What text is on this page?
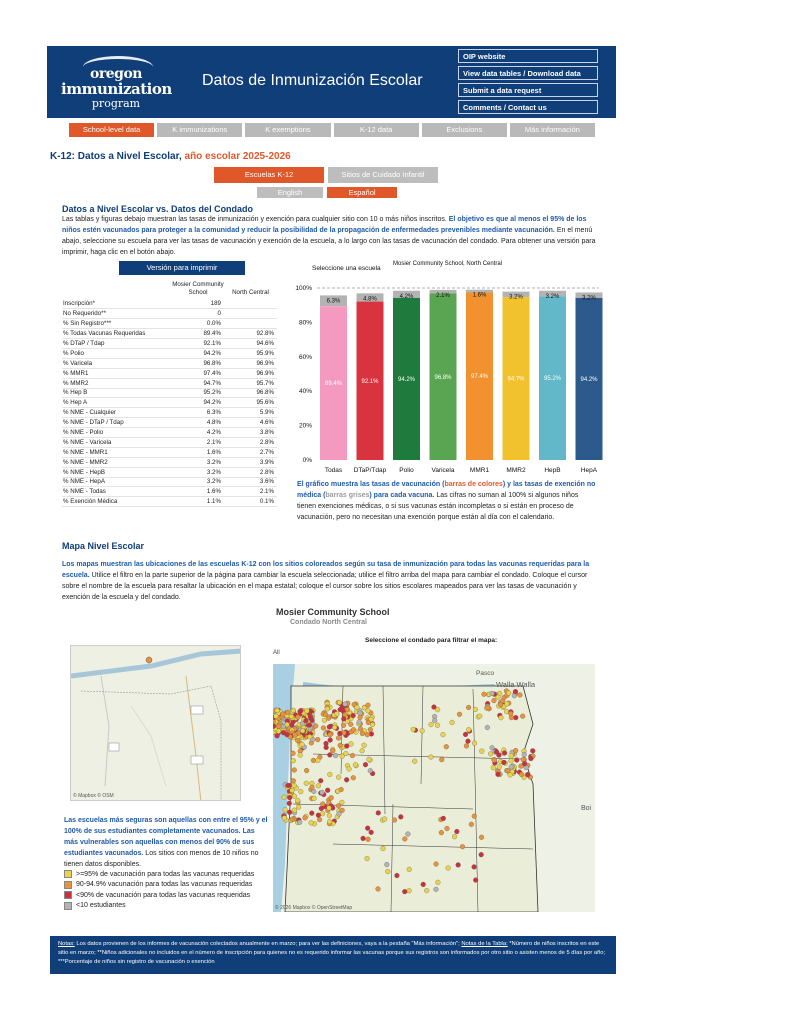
oregon
immunization
program
Datos de Inmunización Escolar
OIP website
View data tables / Download data
Submit a data request
Comments / Contact us
School-level data	K immunizations	K exemptions	K-12 data	Exclusions	Más información
K-12: Datos a Nivel Escolar, año escolar 2025-2026
Escuelas K-12	Sitios de Cuidado Infantil
English	Español
Datos a Nivel Escolar vs. Datos del Condado
Las tablas y figuras debajo muestran las tasas de inmunización y exención para cualquier sitio con 10 o más niños inscritos. El objetivo es que al menos el 95% de los niños estén vacunados para proteger a la comunidad y reducir la posibilidad de la propagación de enfermedades prevenibles mediante vacunación. En el menú abajo, seleccione su escuela para ver las tasas de vacunación y exención de la escuela, a lo largo con las tasas de vacunación del condado. Para obtener una versión para imprimir, haga clic en el botón abajo.
Versión para imprimir
	Mosier Community School	North Central
Inscripción*	189	
No Requerido**	0	
% Sin Registro***	0.0%	
% Todas Vacunas Requeridas	89.4%	92.8%
% DTaP / Tdap	92.1%	94.6%
% Polio	94.2%	95.9%
% Varicela	96.8%	96.9%
% MMR1	97.4%	96.9%
% MMR2	94.7%	95.7%
% Hep B	95.2%	96.8%
% Hep A	94.2%	95.6%
% NME - Cualquier	6.3%	5.9%
% NME - DTaP / Tdap	4.8%	4.6%
% NME - Polio	4.2%	3.8%
% NME - Varicela	2.1%	2.8%
% NME - MMR1	1.6%	2.7%
% NME - MMR2	3.2%	3.9%
% NME - HepB	3.2%	2.8%
% NME - HepA	3.2%	3.6%
% NME - Todas	1.6%	2.1%
% Exención Médica	1.1%	0.1%
Seleccione una escuela
Mosier Community School, North Central
0%
20%
40%
60%
80%
100%
89.4%
6.3%
Todas
92.1%
4.8%
DTaP/Tdap
94.2%
4.2%
Polio
96.8%
2.1%
Varicela
97.4%
1.6%
MMR1
94.7%
3.2%
MMR2
95.2%
3.2%
HepB
94.2%
3.2%
HepA
El gráfico muestra las tasas de vacunación (barras de colores) y las tasas de exención no médica (barras grises) para cada vacuna. Las cifras no suman al 100% si algunos niños tienen exenciones médicas, o si sus vacunas están incompletas o si están en proceso de vacunación, pero no necesitan una exención porque están al día con el calendario.
Mapa Nivel Escolar
Los mapas muestran las ubicaciones de las escuelas K-12 con los sitios coloreados según su tasa de inmunización para todas las vacunas requeridas para la escuela. Utilice el filtro en la parte superior de la página para cambiar la escuela seleccionada; utilice el filtro arriba del mapa para cambiar el condado. Coloque el cursor sobre el nombre de la escuela para resaltar la ubicación en el mapa estatal; coloque el cursor sobre los sitios escolares mapeados para ver las tasas de vacunación y exención de la escuela y del condado.
Mosier Community School
Condado North Central
Seleccione el condado para filtrar el mapa:
All
© Mapbox © OSM
Pasco
Walla Walla
Boi
© 2026 Mapbox © OpenStreetMap
Las escuelas más seguras son aquellas con entre el 95% y el 100% de sus estudiantes completamente vacunados. Las más vulnerables son aquellas con menos del 90% de sus estudiantes vacunados. Los sitios con menos de 10 niños no tienen datos disponibles.
>=95% de vacunación para todas las vacunas requeridas
90-94.9% vacunación para todas las vacunas requeridas
<90% de vacunación para todas las vacunas requeridas
<10 estudiantes
Notas: Los datos provienen de los informes de vacunación colectados anualmente en marzo; para ver las definiciones, vaya a la pestaña "Más información"; Notas de la Tabla: *Número de niños inscritos en este sitio en marzo; **Niños adicionales no incluidos en el número de inscripción para quienes no es requerido informar las vacunas porque sus registros son informados por otro sitio o asisten menos de 5 días por año; ***Porcentaje de niños sin registro de vacunación o exención
